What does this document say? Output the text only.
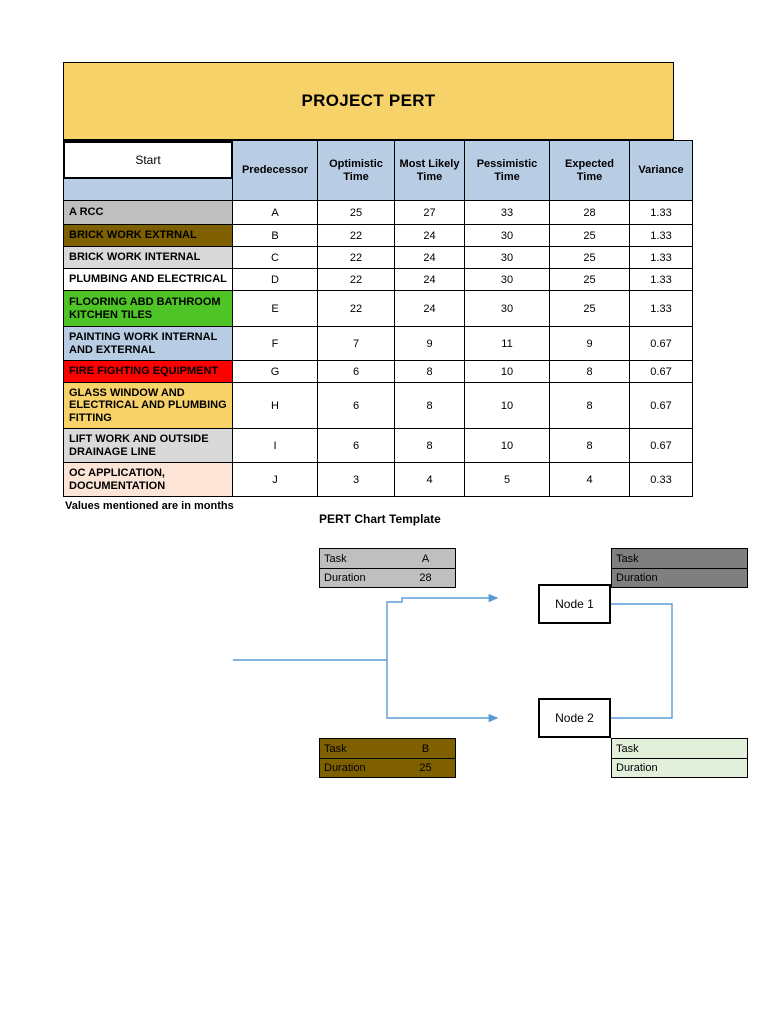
PROJECT PERT
	Predecessor	Optimistic Time	Most Likely Time	Pessimistic Time	Expected Time	Variance
A RCC	A	25	27	33	28	1.33
BRICK WORK EXTRNAL	B	22	24	30	25	1.33
BRICK WORK INTERNAL	C	22	24	30	25	1.33
PLUMBING AND ELECTRICAL	D	22	24	30	25	1.33
FLOORING ABD BATHROOM KITCHEN TILES	E	22	24	30	25	1.33
PAINTING WORK INTERNAL AND EXTERNAL	F	7	9	11	9	0.67
FIRE FIGHTING EQUIPMENT	G	6	8	10	8	0.67
GLASS WINDOW AND ELECTRICAL AND PLUMBING FITTING	H	6	8	10	8	0.67
LIFT WORK AND OUTSIDE DRAINAGE LINE	I	6	8	10	8	0.67
OC APPLICATION, DOCUMENTATION	J	3	4	5	4	0.33
Values mentioned are in months
PERT Chart Template
Start
Node 1
Node 2
Task	A
Duration	28
Task	B
Duration	25
Task
Duration
Task
Duration
